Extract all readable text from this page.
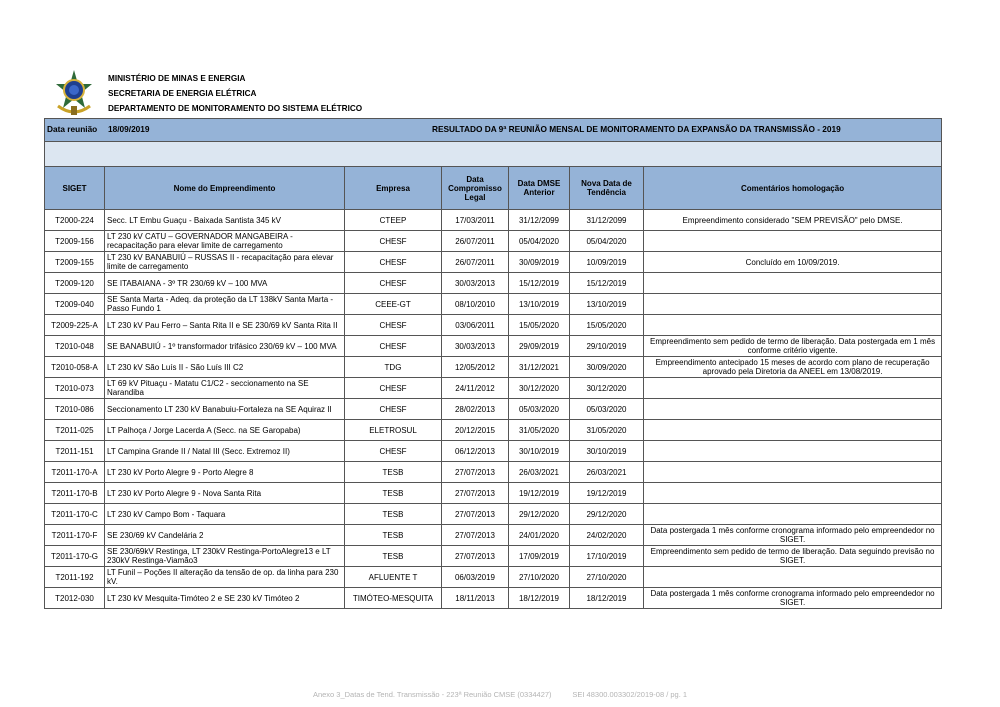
MINISTÉRIO DE MINAS E ENERGIA
SECRETARIA DE ENERGIA ELÉTRICA
DEPARTAMENTO DE MONITORAMENTO DO SISTEMA ELÉTRICO
Data reunião 18/09/2019 RESULTADO DA 9ª REUNIÃO MENSAL DE MONITORAMENTO DA EXPANSÃO DA TRANSMISSÃO - 2019						

SIGET	Nome do Empreendimento	Empresa	Data Compromisso Legal	Data DMSE Anterior	Nova Data de Tendência	Comentários homologação
T2000-224	Secc. LT Embu Guaçu - Baixada Santista 345 kV	CTEEP	17/03/2011	31/12/2099	31/12/2099	Empreendimento considerado "SEM PREVISÃO" pelo DMSE.
T2009-156	LT 230 kV CATU – GOVERNADOR MANGABEIRA - recapacitação para elevar limite de carregamento	CHESF	26/07/2011	05/04/2020	05/04/2020	
T2009-155	LT 230 kV BANABUIÚ – RUSSAS II - recapacitação para elevar limite de carregamento	CHESF	26/07/2011	30/09/2019	10/09/2019	Concluído em 10/09/2019.
T2009-120	SE ITABAIANA - 3º TR 230/69 kV – 100 MVA	CHESF	30/03/2013	15/12/2019	15/12/2019	
T2009-040	SE Santa Marta - Adeq. da proteção da LT 138kV Santa Marta - Passo Fundo 1	CEEE-GT	08/10/2010	13/10/2019	13/10/2019	
T2009-225-A	LT 230 kV Pau Ferro – Santa Rita II e SE 230/69 kV Santa Rita II	CHESF	03/06/2011	15/05/2020	15/05/2020	
T2010-048	SE BANABUIÚ - 1º transformador trifásico 230/69 kV – 100 MVA	CHESF	30/03/2013	29/09/2019	29/10/2019	Empreendimento sem pedido de termo de liberação. Data postergada em 1 mês conforme critério vigente.
T2010-058-A	LT 230 kV São Luís II - São Luís III C2	TDG	12/05/2012	31/12/2021	30/09/2020	Empreendimento antecipado 15 meses de acordo com plano de recuperação aprovado pela Diretoria da ANEEL em 13/08/2019.
T2010-073	LT 69 kV Pituaçu - Matatu C1/C2 - seccionamento na SE Narandiba	CHESF	24/11/2012	30/12/2020	30/12/2020	
T2010-086	Seccionamento LT 230 kV Banabuiu-Fortaleza na SE Aquiraz II	CHESF	28/02/2013	05/03/2020	05/03/2020	
T2011-025	LT Palhoça / Jorge Lacerda A (Secc. na SE Garopaba)	ELETROSUL	20/12/2015	31/05/2020	31/05/2020	
T2011-151	LT Campina Grande II / Natal III (Secc. Extremoz II)	CHESF	06/12/2013	30/10/2019	30/10/2019	
T2011-170-A	LT 230 kV Porto Alegre 9 - Porto Alegre 8	TESB	27/07/2013	26/03/2021	26/03/2021	
T2011-170-B	LT 230 kV Porto Alegre 9 - Nova Santa Rita	TESB	27/07/2013	19/12/2019	19/12/2019	
T2011-170-C	LT 230 kV Campo Bom - Taquara	TESB	27/07/2013	29/12/2020	29/12/2020	
T2011-170-F	SE 230/69 kV Candelária 2	TESB	27/07/2013	24/01/2020	24/02/2020	Data postergada 1 mês conforme cronograma informado pelo empreendedor no SIGET.
T2011-170-G	SE 230/69kV Restinga, LT 230kV Restinga-PortoAlegre13 e LT 230kV Restinga-Viamão3	TESB	27/07/2013	17/09/2019	17/10/2019	Empreendimento sem pedido de termo de liberação. Data seguindo previsão no SIGET.
T2011-192	LT Funil – Poções II alteração da tensão de op. da linha para 230 kV.	AFLUENTE T	06/03/2019	27/10/2020	27/10/2020	
T2012-030	LT 230 kV Mesquita-Timóteo 2 e SE 230 kV Timóteo 2	TIMÓTEO-MESQUITA	18/11/2013	18/12/2019	18/12/2019	Data postergada 1 mês conforme cronograma informado pelo empreendedor no SIGET.
Anexo 3_Datas de Tend. Transmissão - 223ª Reunião CMSE (0334427)          SEI 48300.003302/2019-08 / pg. 1
